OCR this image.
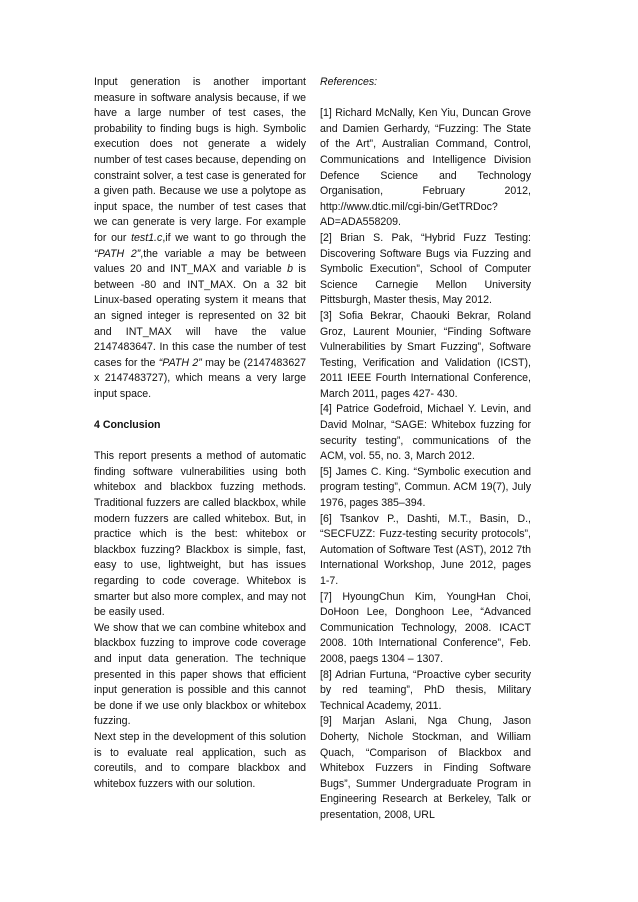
Input generation is another important measure in software analysis because, if we have a large number of test cases, the probability to finding bugs is high. Symbolic execution does not generate a widely number of test cases because, depending on constraint solver, a test case is generated for a given path. Because we use a polytope as input space, the number of test cases that we can generate is very large. For example for our test1.c,if we want to go through the “PATH 2”,the variable a may be between values 20 and INT_MAX and variable b is between -80 and INT_MAX. On a 32 bit Linux-based operating system it means that an signed integer is represented on 32 bit and INT_MAX will have the value 2147483647. In this case the number of test cases for the “PATH 2” may be (2147483627 x 2147483727), which means a very large input space.

4 Conclusion

This report presents a method of automatic finding software vulnerabilities using both whitebox and blackbox fuzzing methods. Traditional fuzzers are called blackbox, while modern fuzzers are called whitebox. But, in practice which is the best: whitebox or blackbox fuzzing? Blackbox is simple, fast, easy to use, lightweight, but has issues regarding to code coverage. Whitebox is smarter but also more complex, and may not be easily used.

We show that we can combine whitebox and blackbox fuzzing to improve code coverage and input data generation. The technique presented in this paper shows that efficient input generation is possible and this cannot be done if we use only blackbox or whitebox fuzzing.

Next step in the development of this solution is to evaluate real application, such as coreutils, and to compare blackbox and whitebox fuzzers with our solution.

References:

[1] Richard McNally, Ken Yiu, Duncan Grove and Damien Gerhardy, “Fuzzing: The State of the Art”, Australian Command, Control, Communications and Intelligence Division Defence Science and Technology Organisation, February 2012, http://www.dtic.mil/cgi-bin/GetTRDoc?AD=ADA558209.

[2] Brian S. Pak, “Hybrid Fuzz Testing: Discovering Software Bugs via Fuzzing and Symbolic Execution”, School of Computer Science Carnegie Mellon University Pittsburgh, Master thesis, May 2012.

[3] Sofia Bekrar, Chaouki Bekrar, Roland Groz, Laurent Mounier, “Finding Software Vulnerabilities by Smart Fuzzing”, Software Testing, Verification and Validation (ICST), 2011 IEEE Fourth International Conference, March 2011, pages 427- 430.

[4] Patrice Godefroid, Michael Y. Levin, and David Molnar, “SAGE: Whitebox fuzzing for security testing”, communications of the ACM, vol. 55, no. 3, March 2012.

[5] James C. King. “Symbolic execution and program testing”, Commun. ACM 19(7), July 1976, pages 385–394.

[6] Tsankov P., Dashti, M.T., Basin, D., “SECFUZZ: Fuzz-testing security protocols”, Automation of Software Test (AST), 2012 7th International Workshop, June 2012, pages 1-7.

[7] HyoungChun Kim, YoungHan Choi, DoHoon Lee, Donghoon Lee, “Advanced Communication Technology, 2008. ICACT 2008. 10th International Conference”, Feb. 2008, paegs 1304 – 1307.

[8] Adrian Furtuna, “Proactive cyber security by red teaming”, PhD thesis, Military Technical Academy, 2011.

[9] Marjan Aslani, Nga Chung, Jason Doherty, Nichole Stockman, and William Quach, “Comparison of Blackbox and Whitebox Fuzzers in Finding Software Bugs”, Summer Undergraduate Program in Engineering Research at Berkeley, Talk or presentation, 2008, URL
